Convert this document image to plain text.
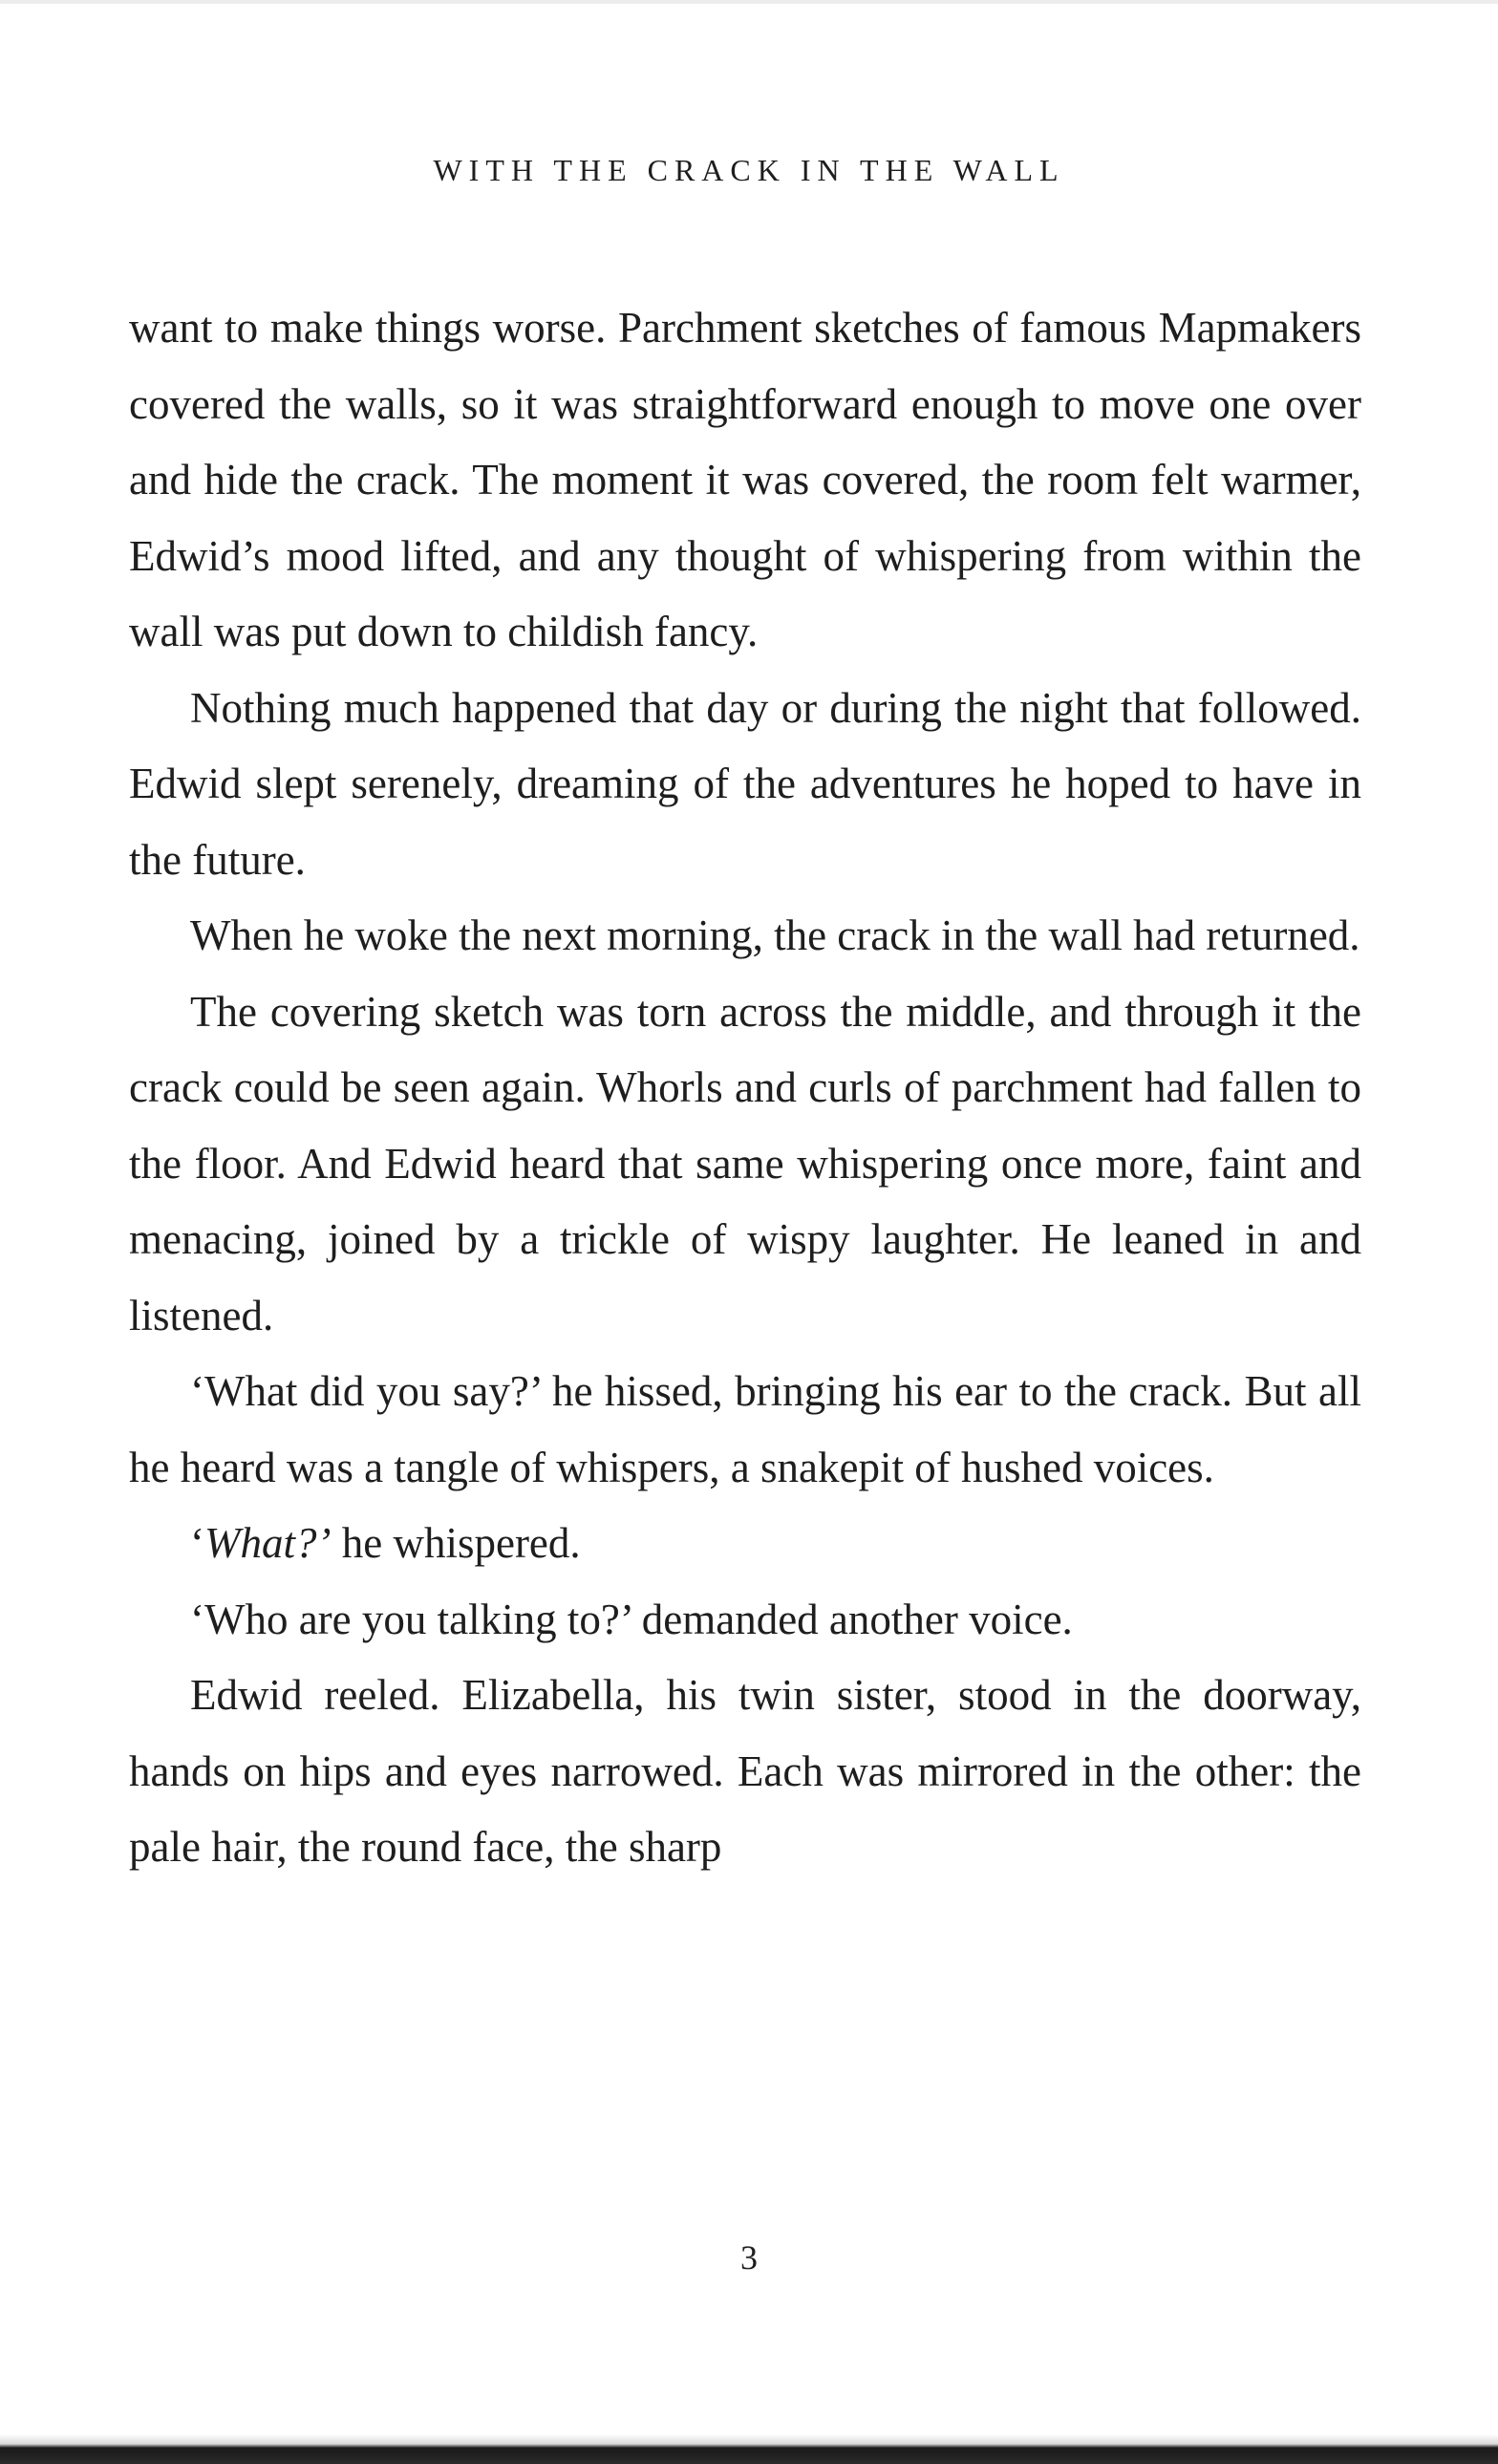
WITH THE CRACK IN THE WALL

want to make things worse. Parchment sketches of famous Mapmakers covered the walls, so it was straightforward enough to move one over and hide the crack. The moment it was covered, the room felt warmer, Edwid’s mood lifted, and any thought of whispering from within the wall was put down to childish fancy.

Nothing much happened that day or during the night that followed. Edwid slept serenely, dreaming of the adventures he hoped to have in the future.

When he woke the next morning, the crack in the wall had returned.

The covering sketch was torn across the middle, and through it the crack could be seen again. Whorls and curls of parchment had fallen to the floor. And Edwid heard that same whispering once more, faint and menacing, joined by a trickle of wispy laughter. He leaned in and listened.

‘What did you say?’ he hissed, bringing his ear to the crack. But all he heard was a tangle of whispers, a snakepit of hushed voices.

‘What?’ he whispered.

‘Who are you talking to?’ demanded another voice.

Edwid reeled. Elizabella, his twin sister, stood in the doorway, hands on hips and eyes narrowed. Each was mirrored in the other: the pale hair, the round face, the sharp

3
